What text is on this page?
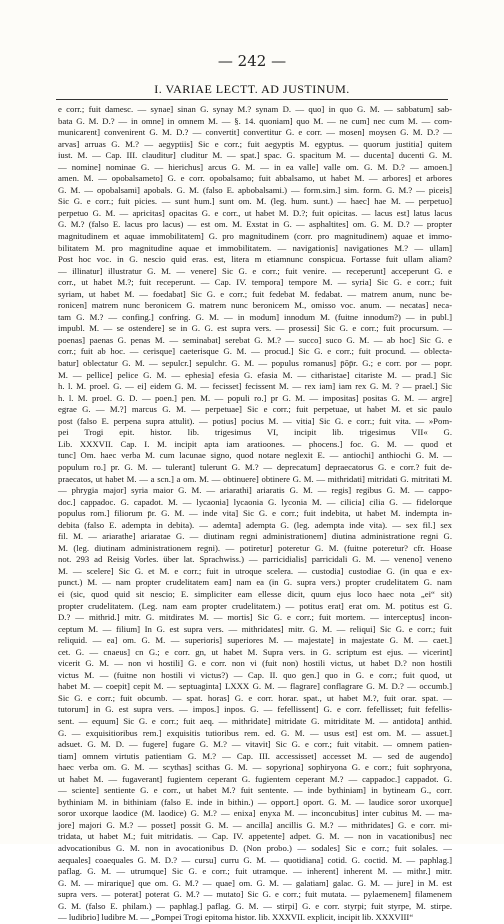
— 242 —
I. VARIAE LECTT. AD JUSTINUM.
e corr.; fuit damesc. — synae] sinan G. synay M.? synam D. — quo] in quo G. M. — sabbatum] sab-
bata G. M. D.? — in omne] in omnem M. — §. 14. quoniam] quo M. — ne cum] nec cum M. — com-
municarent] convenirent G. M. D.? — convertit] convertitur G. e corr. — mosen] moysen G. M. D.? —
arvas] arruas G. M.? — aegyptiis] Sic e corr.; fuit aegyptis M. egyptus. — quorum justitia] quitem
iust. M. — Cap. III. clauditur] cluditur M. — spat.] spac. G. spacitum M. — ducenta] ducenti G. M.
— nomine] nominae G. — hierichus] arcus G. M. — in ea valle] valle om. G. M. D.? — amoen.]
amen. M. — opobalsameto] G. e corr. opobalsamo; fuit abbalsamo, ut habet M. — arbores] et arbores
G. M. — opobalsami] apobals. G. M. (falso E. apbobalsami.) — form.sim.] sim. form. G. M.? — piceis]
Sic G. e corr.; fuit picies. — sunt hum.] sunt om. M. (leg. hum. sunt.) — haec] hae M. — perpetuo]
perpetuo G. M. — apricitas] opacitas G. e corr., ut habet M. D.?; fuit opicitas. — lacus est] latus lacus
G. M.? (falso E. lacus pro lacus) — est om. M. Exstat in G. — asphaltites] om. G. M. D.? — propter
magnitudinem et aquae immobilitatem] G. pro magnitudinem (corr. pro magnitudinem) aquae et immo-
bilitatem M. pro magnitudine aquae et immobilitatem. — navigationis] navigationes M.? — ullam]
Post hoc voc. in G. nescio quid eras. est, litera m etiamnunc conspicua. Fortasse fuit ullam aliam?
— illinatur] illustratur G. M. — venere] Sic G. e corr.; fuit venire. — receperunt] acceperunt G. e
corr., ut habet M.?; fuit receperunt. — Cap. IV. tempora] tempore M. — syria] Sic G. e corr.; fuit
syriam, ut habet M. — foedabat] Sic G. e corr.; fuit fedebat M. fedabat. — matrem anum, nunc be-
ronicen] matrem nunc beronicem G. matrem nunc beronicem M., omisso voc. anum. — necatas] neca-
tam G. M.? — confing.] confring. G. M. — in modum] innodum M. (fuitne innodum?) — in publ.]
impubl. M. — se ostendere] se in G. G. est supra vers. — prosessi] Sic G. e corr.; fuit procursum. —
poenas] paenas G. penas M. — seminabat] serebat G. M.? — succo] suco G. M. — ab hoc] Sic G. e
corr.; fuit ab hoc. — cerisque] caeterisque G. M. — procud.] Sic G. e corr.; fuit procund. — oblecta-
batur] oblectatur G. M. — sepulcr.] sepulchr. G. M. — populus romanus] p̄ōp̄r. G.; e corr. por — popr.
M. — pellice] pelice G. M. — ephesia] efesia G. efasia M. — citharistae] citariste M. — prad.] Sic
h. l. M. proel. G. — ei] eidem G. M. — fecisset] fecissent M. — rex iam] iam rex G. M. ? — prael.] Sic
h. l. M. proel. G. D. — poen.] pen. M. — populi ro.] pr G. M. — impositas] positas G. M. — argre]
egrae G. — M.?] marcus G. M. — perpetuae] Sic e corr.; fuit perpetuae, ut habet M. et sic paulo
post (falso E. perpena supra attulit). — potius] pocius M. — vitia] Sic G. e corr.; fuit vita. — »Pom-
pei Trogi epit. histor. lib. trigesimus VI, incipit lib. trigesimus VII« G.
Lib. XXXVII. Cap. I. M. incipit apta iam aratioones. — phocens.] foc. G. M. — quod et
tunc] Om. haec verba M. cum lacunae signo, quod notare neglexit E. — antiochi] anthiochi G. M. —
populum ro.] pr. G. M. — tulerant] tulerunt G. M.? — deprecatum] depraecatorus G. e corr.? fuit de-
praecatos, ut habet M. — a scn.] a om. M. — obtinuere] obtinere G. M. — mithridati] mitridati G. mitritati M.
— phrygia major] syria maior G. M. — ariarathi] ariaratis G. M. — regis] regibus G. M. — cappo-
doc.] cappadoc. G. capadot. M. — lycaonia] lycaonia G. lyconia M. — cilicia] cilia G. — fidelorque
populus rom.] filiorum p̄r. G. M. — inde vita] Sic G. e corr.; fuit indebita, ut habet M. indempta in-
debita (falso E. adempta in debita). — ademta] adempta G. (leg. adempta inde vita). — sex fil.] sex
fil. M. — ariarathe] ariaratae G. — diutinam regni administrationem] diutina administratione regni G.
M. (leg. diutinam administrationem regni). — potiretur] poteretur G. M. (fuitne poteretur? cfr. Hoase
not. 293 ad Reisig Vorles. über lat. Sprachwiss.) — parricidialis] parricidali G. M. — veneno] veneno
M. — scelere] Sic G. et M. e corr.; fuit in utroque scelera. — custodia] custodiae G. (in qua e ex-
punct.) M. — nam propter crudelitatem eam] nam ea (in G. supra vers.) propter crudelitatem G. nam
ei (sic, quod quid sit nescio; E. simpliciter eam ellesse dicit, quum ejus loco haec nota „ei“ sit)
propter crudelitatem. (Leg. nam eam propter crudelitatem.) — potitus erat] erat om. M. potitus est G.
D.? — mithrid.] mitr. G. mitdirates M. — mortis] Sic G. e corr.; fuit mortem. — interceptus] incon-
ceptum M. — filium] In G. est supra vers. — mithridates] mitr. G. M. — reliqui] Sic G. e corr.; fuit
reliquid. — ea] om. G. M. — superioris] superiores M. — majestate] in majestate G. M. — caet.]
cet. G. — cnaeus] cn G.; e corr. gn, ut habet M. Supra vers. in G. scriptum est ejus. — vicerint]
vicerit G. M. — non vi hostili] G. e corr. non vi (fuit non) hostili victus, ut habet D.? non hostili
victus M. — (fuitne non hostili vi victus?) — Cap. II. quo gen.] quo in G. e corr.; fuit quod, ut
habet M. — coepit] cepit M. — septuaginta] LXXX G. M. — flagrare] conflagrare G. M. D.? — occumb.]
Sic G. e corr.; fuit obcumb. — spat. horas] G. e corr. horar. spat., ut habet M.?, fuit orar. spat. —
tutorum] in G. est supra vers. — impos.] inpos. G. — fefellissent] G. e corr. fefellisset; fuit fefellis-
sent. — equum] Sic G. e corr.; fuit aeq. — mithridate] mitridate G. mitriditate M. — antidota] anthid.
G. — exquisitioribus rem.] exquisitis tutioribus rem. ed. G. M. — usus est] est om. M. — assuet.]
adsuet. G. M. D. — fugere] fugare G. M.? — vitavit] Sic G. e corr.; fuit vitabit. — omnem patien-
tiam] omnem virtutis patientiam G. M.? — Cap. III. accessisset] accesset M. — sed de augendo]
haec verba om. G. M. — scythas] scithas G. M. — sopyriona] sophiryona G. e corr.; fuit sophryona,
ut habet M. — fugaverant] fugientem ceperant G. fugientem ceperant M.? — cappadoc.] cappadot. G.
— sciente] sentiente G. e corr., ut habet M.? fuit sentente. — inde bythiniam] in bytineam G., corr.
bythiniam M. in bithiniam (falso E. inde in bithin.) — opport.] oport. G. M. — laudice soror uxorque]
soror uxorque laodice (M. laodice) G. M.? — enixa] enyxa M. — inconcubitus] inter cubitus M. — ma-
jore] majori G. M.? — posset] possit G. M. — ancilla] ancillis G. M.? — mithridates] G. e corr. mi-
tridata, ut habet M.; fuit mitridatis. — Cap. IV. appetente] adpet. G. M. — non in vacationibus] nec
advocationibus G. M. non in avocationibus D. (Non probo.) — sodales] Sic e corr.; fuit solales. —
aequales] coaequales G. M. D.? — cursu] curru G. M. — quotidiana] cotid. G. coctid. M. — paphlag.]
paflag. G. M. — utrumque] Sic G. e corr.; fuit utramque. — inherent] inherent M. — mithr.] mitr.
G. M. — mirarique] que om. G. M.? — quae] om. G. M. — galatiam] galac. G. M. — jure] in M. est
supra vers. — poterat] poterat G. M.? — mutato] Sic G. e corr.; fuit mutata. — pylaemenem] filamenem
G. M. (falso E. philam.) — paphlag.] paflag. G. M. — stirpi] G. e corr. styrpi; fuit styrpe, M. stirpe.
— ludibrio] ludibre M. — „Pompei Trogi epitoma histor. lib. XXXVII. explicit, incipit lib. XXXVIII“
